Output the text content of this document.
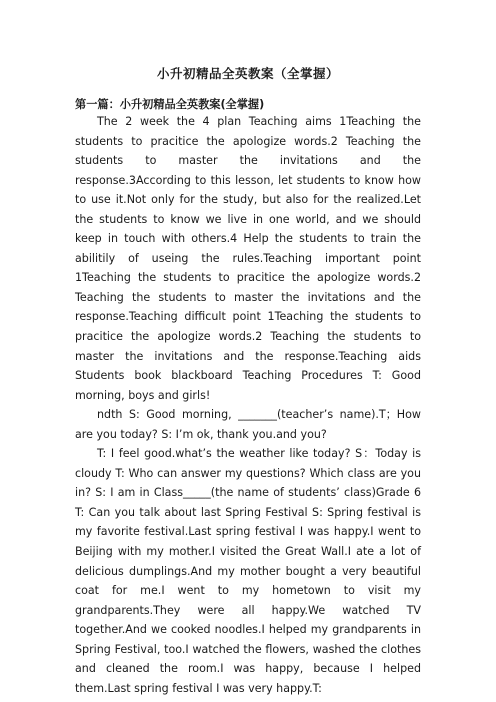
小升初精品全英教案（全掌握）
第一篇：小升初精品全英教案(全掌握)

The 2 week the 4 plan Teaching aims 1Teaching the students to pracitice the apologize words.2 Teaching the students to master the invitations and the response.3According to this lesson, let students to know how to use it.Not only for the study, but also for the realized.Let the students to know we live in one world, and we should keep in touch with others.4 Help the students to train the abilitily of useing the rules.Teaching important point 1Teaching the students to pracitice the apologize words.2 Teaching the students to master the invitations and the response.Teaching difficult point 1Teaching the students to pracitice the apologize words.2 Teaching the students to master the invitations and the response.Teaching aids Students book blackboard Teaching Procedures T: Good morning, boys and girls!

ndth S: Good morning, _______(teacher’s name).T；How are you today? S: I’m ok, thank you.and you?

T: I feel good.what’s the weather like today? S：Today is cloudy T: Who can answer my questions? Which class are you in? S: I am in Class_____(the name of students’ class)Grade 6 T: Can you talk about last Spring Festival S: Spring festival is my favorite festival.Last spring festival I was happy.I went to Beijing with my mother.I visited the Great Wall.I ate a lot of delicious dumplings.And my mother bought a very beautiful coat for me.I went to my hometown to visit my grandparents.They were all happy.We watched TV together.And we cooked noodles.I helped my grandparents in Spring Festival, too.I watched the flowers, washed the clothes and cleaned the room.I was happy, because I helped them.Last spring festival I was very happy.T:
